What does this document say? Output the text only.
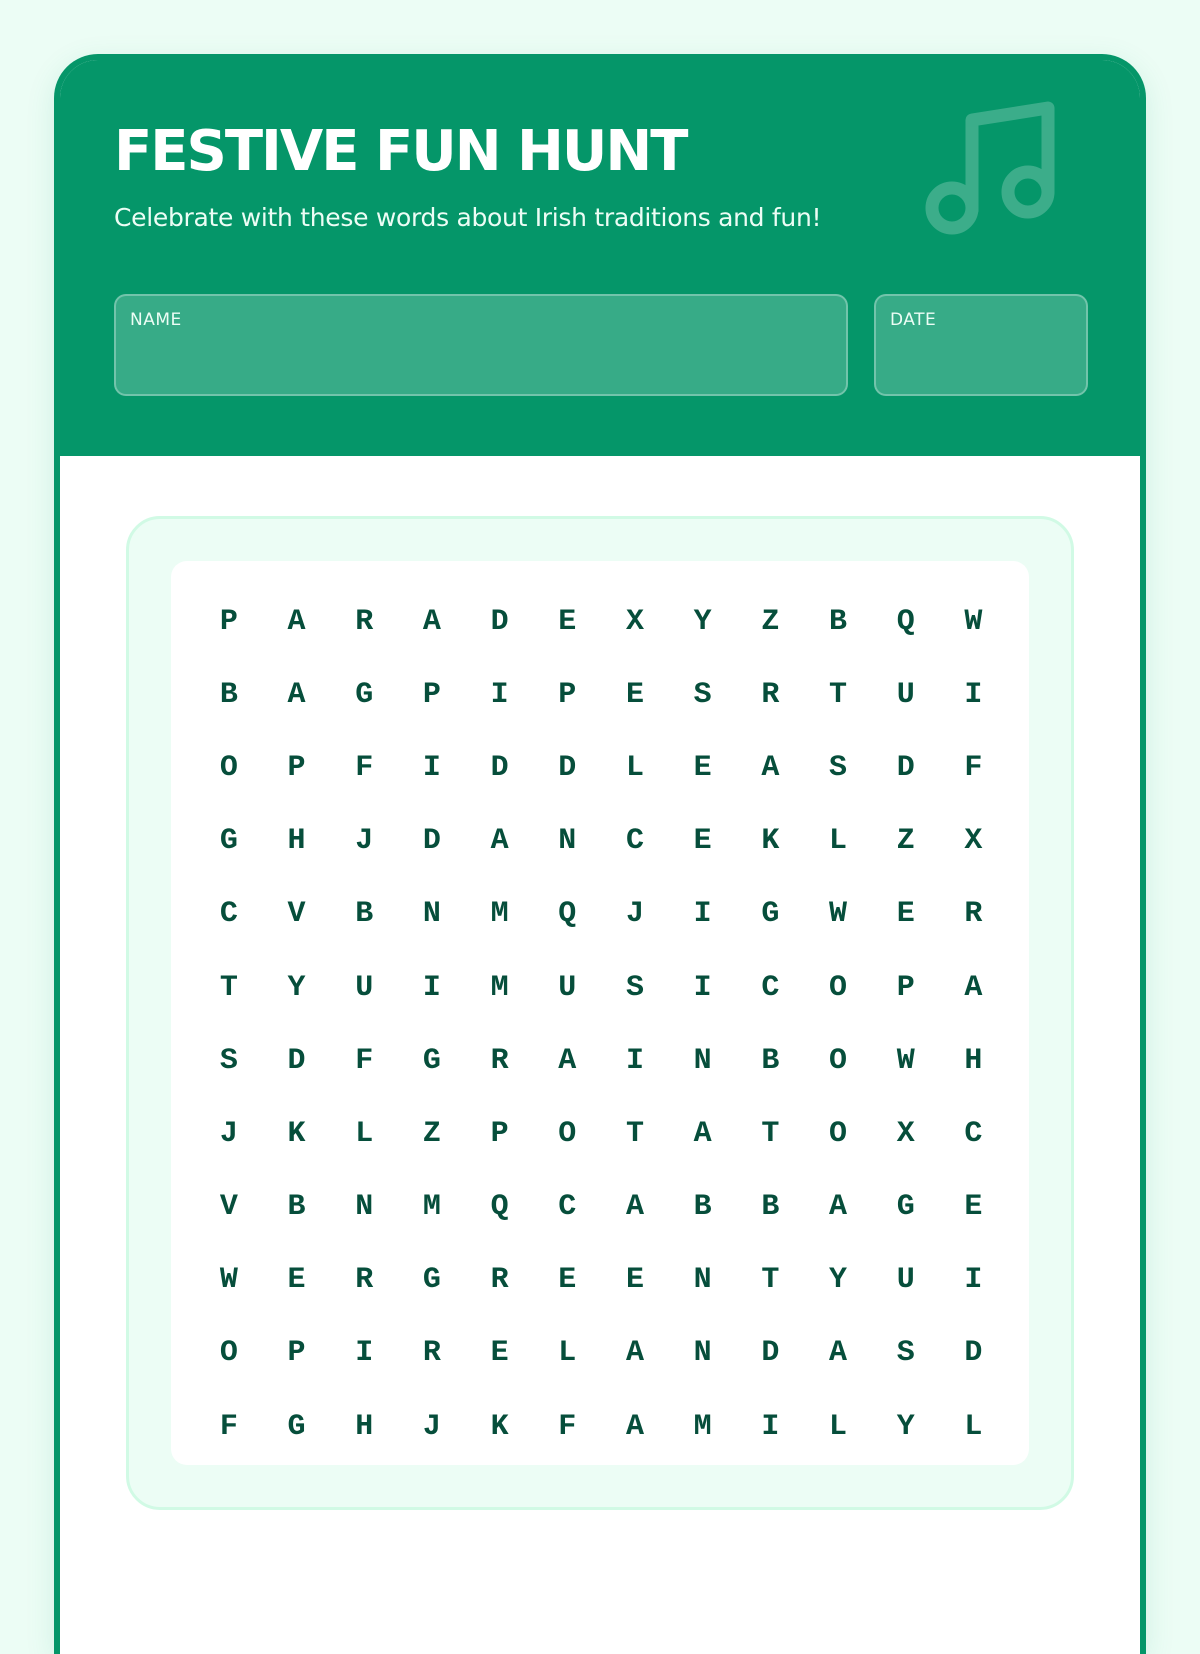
FESTIVE FUN HUNT

Celebrate with these words about Irish traditions and fun!

NAME	DATE
P	A	R	A	D	E	X	Y	Z	B	Q	W
B	A	G	P	I	P	E	S	R	T	U	I
O	P	F	I	D	D	L	E	A	S	D	F
G	H	J	D	A	N	C	E	K	L	Z	X
C	V	B	N	M	Q	J	I	G	W	E	R
T	Y	U	I	M	U	S	I	C	O	P	A
S	D	F	G	R	A	I	N	B	O	W	H
J	K	L	Z	P	O	T	A	T	O	X	C
V	B	N	M	Q	C	A	B	B	A	G	E
W	E	R	G	R	E	E	N	T	Y	U	I
O	P	I	R	E	L	A	N	D	A	S	D
F	G	H	J	K	F	A	M	I	L	Y	L
